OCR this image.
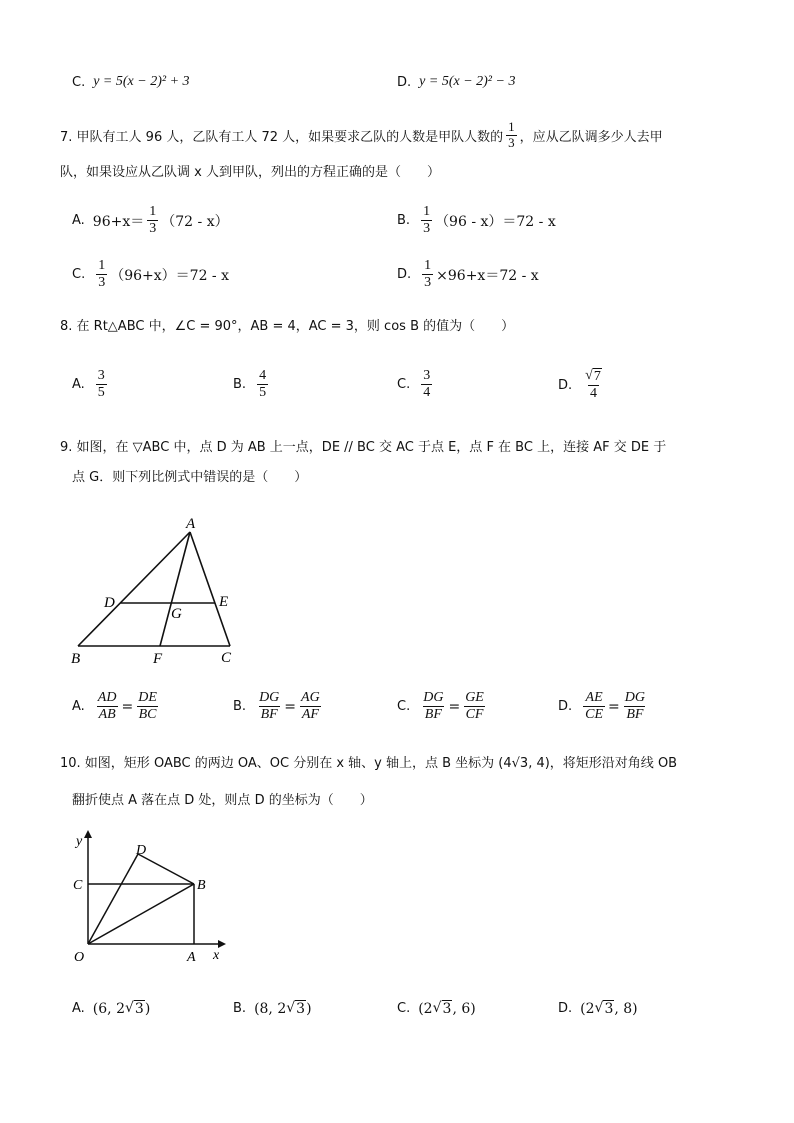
C. y = 5(x − 2)² + 3	D. y = 5(x − 2)² − 3
7. 甲队有工人 96 人，乙队有工人 72 人，如果要求乙队的人数是甲队人数的 $\frac{1}{3}$ ，应从乙队调多少人去甲
队，如果设应从乙队调 x 人到甲队，列出的方程正确的是（　　）
A. $96+x= \frac{1}{3} (72 - x)$	B. $\frac{1}{3} (96 - x)=72 - x$
C. $\frac{1}{3} (96+x)=72 - x$	D. $\frac{1}{3} \times 96+x=72 - x$
8. 在 Rt△ABC 中，∠C = 90°，AB = 4，AC = 3，则 cos B 的值为（　　）
A. $\frac{3}{5}$	B. $\frac{4}{5}$	C. $\frac{3}{4}$	D. $\frac{√ 7}{4}$
9. 如图，在 ▽ABC 中，点 D 为 AB 上一点，DE // BC 交 AC 于点 E，点 F 在 BC 上，连接 AF 交 DE 于
点 G．则下列比例式中错误的是（　　）
A
D	E
G
B	F	C
A. $\frac{AD}{AB} = \frac{DE}{BC}$	B. $\frac{DG}{BF} = \frac{AG}{AF}$	C. $\frac{DG}{BF} = \frac{GE}{CF}$	D. $\frac{AE}{CE} = \frac{DG}{BF}$
10. 如图，矩形 OABC 的两边 OA、OC 分别在 x 轴、y 轴上，点 B 坐标为 (4√3, 4)，将矩形沿对角线 OB
翻折使点 A 落在点 D 处，则点 D 的坐标为（　　）
y
x
D
C	B
O	A
A. (6, 2 √ 3 )	B. (8, 2 √ 3 )	C. (2 √ 3 , 6)	D. (2 √ 3 , 8)
